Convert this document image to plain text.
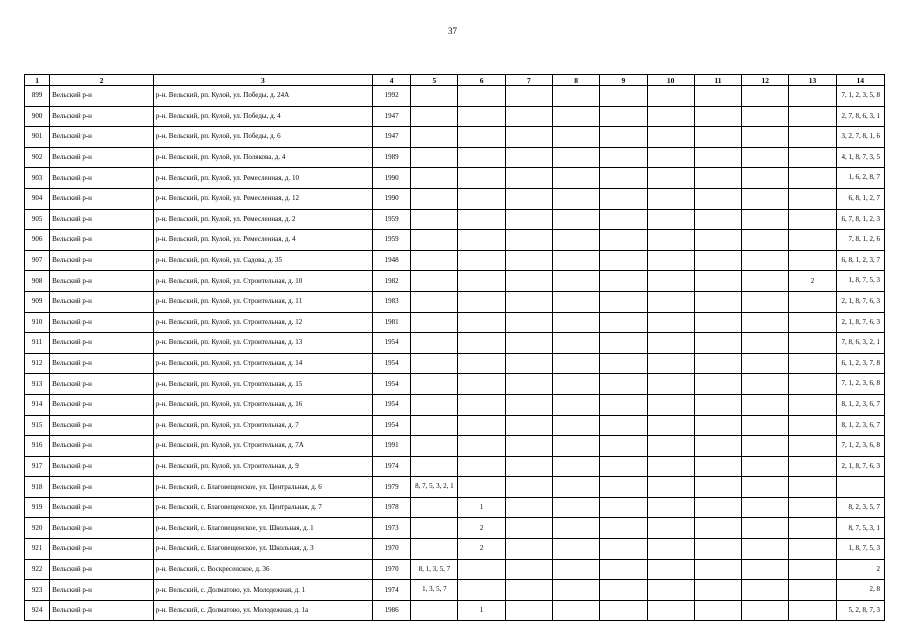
37
1	2	3	4	5	6	7	8	9	10	11	12	13	14
899	Вельский р-н	р-н. Вельский, рп. Кулой, ул. Победы, д. 24А	1992										7, 1, 2, 3, 5, 8
900	Вельский р-н	р-н. Вельский, рп. Кулой, ул. Победы, д. 4	1947										2, 7, 8, 6, 3, 1
901	Вельский р-н	р-н. Вельский, рп. Кулой, ул. Победы, д. 6	1947										3, 2, 7, 8, 1, 6
902	Вельский р-н	р-н. Вельский, рп. Кулой, ул. Полякова, д. 4	1989										4, 1, 8, 7, 3, 5
903	Вельский р-н	р-н. Вельский, рп. Кулой, ул. Ремесленная, д. 10	1990										1, 6, 2, 8, 7
904	Вельский р-н	р-н. Вельский, рп. Кулой, ул. Ремесленная, д. 12	1990										6, 8, 1, 2, 7
905	Вельский р-н	р-н. Вельский, рп. Кулой, ул. Ремесленная, д. 2	1959										6, 7, 8, 1, 2, 3
906	Вельский р-н	р-н. Вельский, рп. Кулой, ул. Ремесленная, д. 4	1959										7, 8, 1, 2, 6
907	Вельский р-н	р-н. Вельский, рп. Кулой, ул. Садова, д. 35	1948										6, 8, 1, 2, 3, 7
908	Вельский р-н	р-н. Вельский, рп. Кулой, ул. Строительная, д. 10	1982									2	1, 8, 7, 5, 3
909	Вельский р-н	р-н. Вельский, рп. Кулой, ул. Строительная, д. 11	1983										2, 1, 8, 7, 6, 3
910	Вельский р-н	р-н. Вельский, рп. Кулой, ул. Строительная, д. 12	1981										2, 1, 8, 7, 6, 3
911	Вельский р-н	р-н. Вельский, рп. Кулой, ул. Строительная, д. 13	1954										7, 8, 6, 3, 2, 1
912	Вельский р-н	р-н. Вельский, рп. Кулой, ул. Строительная, д. 14	1954										6, 1, 2, 3, 7, 8
913	Вельский р-н	р-н. Вельский, рп. Кулой, ул. Строительная, д. 15	1954										7, 1, 2, 3, 6, 8
914	Вельский р-н	р-н. Вельский, рп. Кулой, ул. Строительная, д. 16	1954										8, 1, 2, 3, 6, 7
915	Вельский р-н	р-н. Вельский, рп. Кулой, ул. Строительная, д. 7	1954										8, 1, 2, 3, 6, 7
916	Вельский р-н	р-н. Вельский, рп. Кулой, ул. Строительная, д. 7А	1991										7, 1, 2, 3, 6, 8
917	Вельский р-н	р-н. Вельский, рп. Кулой, ул. Строительная, д. 9	1974										2, 1, 8, 7, 6, 3
918	Вельский р-н	р-н. Вельский, с. Благовещенское, ул. Центральная, д. 6	1979	8, 7, 5, 3, 2, 1									
919	Вельский р-н	р-н. Вельский, с. Благовещенское, ул. Центральная, д. 7	1978		1								8, 2, 3, 5, 7
920	Вельский р-н	р-н. Вельский, с. Благовещенское, ул. Школьная, д. 1	1973		2								8, 7, 5, 3, 1
921	Вельский р-н	р-н. Вельский, с. Благовещенское, ул. Школьная, д. 3	1970		2								1, 8, 7, 5, 3
922	Вельский р-н	р-н. Вельский, с. Воскресенское, д. 36	1970	8, 1, 3, 5, 7									2
923	Вельский р-н	р-н. Вельский, с. Долматово, ул. Молодежная, д. 1	1974	1, 3, 5, 7									2, 8
924	Вельский р-н	р-н. Вельский, с. Долматово, ул. Молодежная, д. 1а	1986		1								5, 2, 8, 7, 3
